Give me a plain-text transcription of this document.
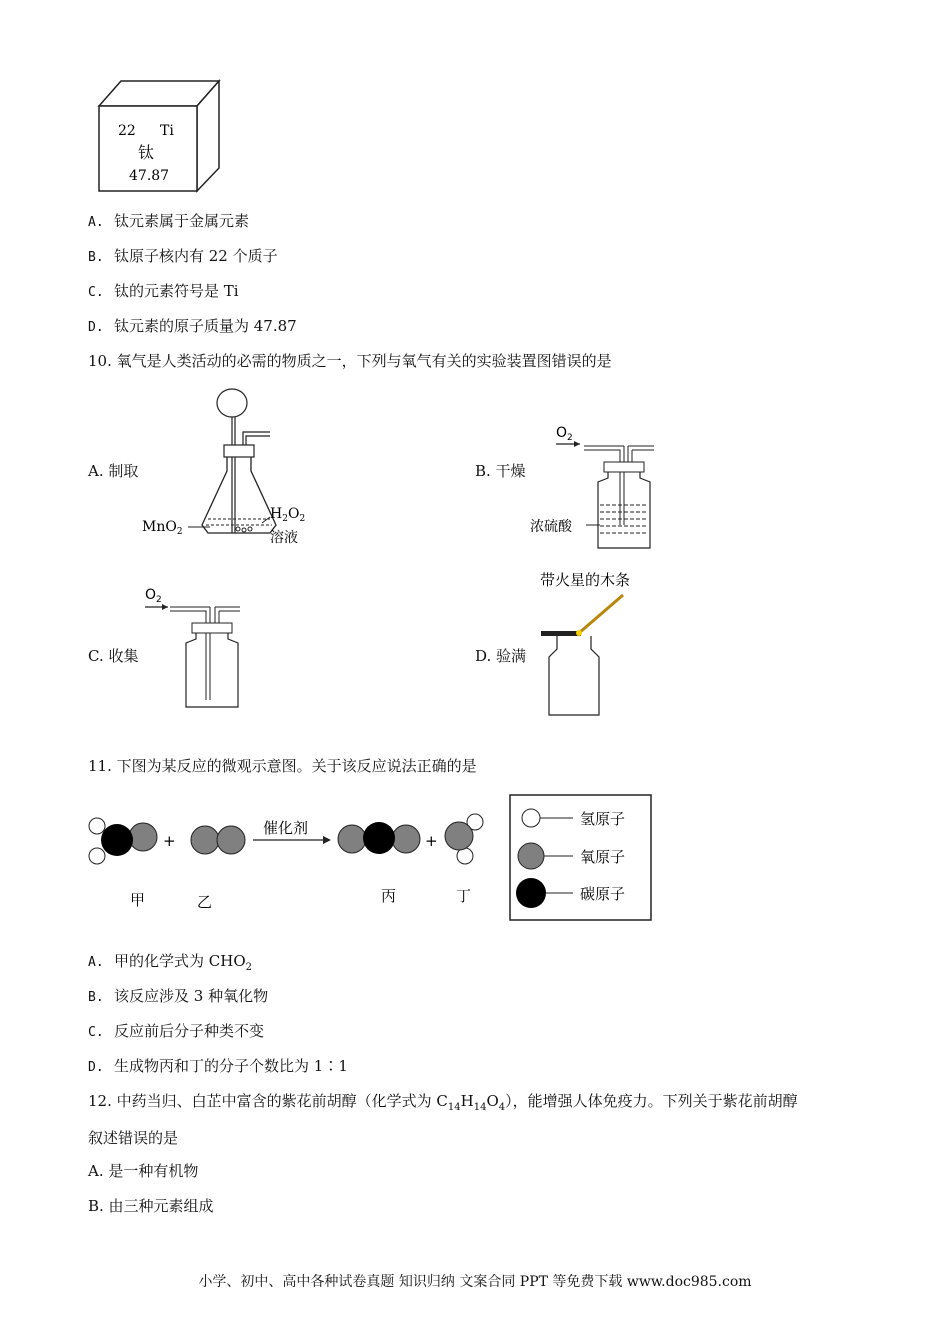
22 Ti
钛
47.87
A. 钛元素属于金属元素
B. 钛原子核内有 22 个质子
C. 钛的元素符号是 Ti
D. 钛元素的原子质量为 47.87
10. 氧气是人类活动的必需的物质之一，下列与氧气有关的实验装置图错误的是
A. 制取	B. 干燥
C. 收集	D. 验满
MnO$_2$
$H_2O_2$
溶液
$O_2$
浓硫酸
$O_2$
带火星的木条
11. 下图为某反应的微观示意图。关于该反应说法正确的是
+
催化剂
+
甲	乙	丙	丁
氢原子
氧原子
碳原子
A. 甲的化学式为 $CHO_2$
B. 该反应涉及 3 种氧化物
C. 反应前后分子种类不变
D. 生成物丙和丁的分子个数比为 1∶1
12. 中药当归、白芷中富含的紫花前胡醇（化学式为 $C_{14}H_{14}O_4$），能增强人体免疫力。下列关于紫花前胡醇
叙述错误的是
A. 是一种有机物
B. 由三种元素组成
小学、初中、高中各种试卷真题 知识归纳 文案合同 PPT 等免费下载 www.doc985.com
